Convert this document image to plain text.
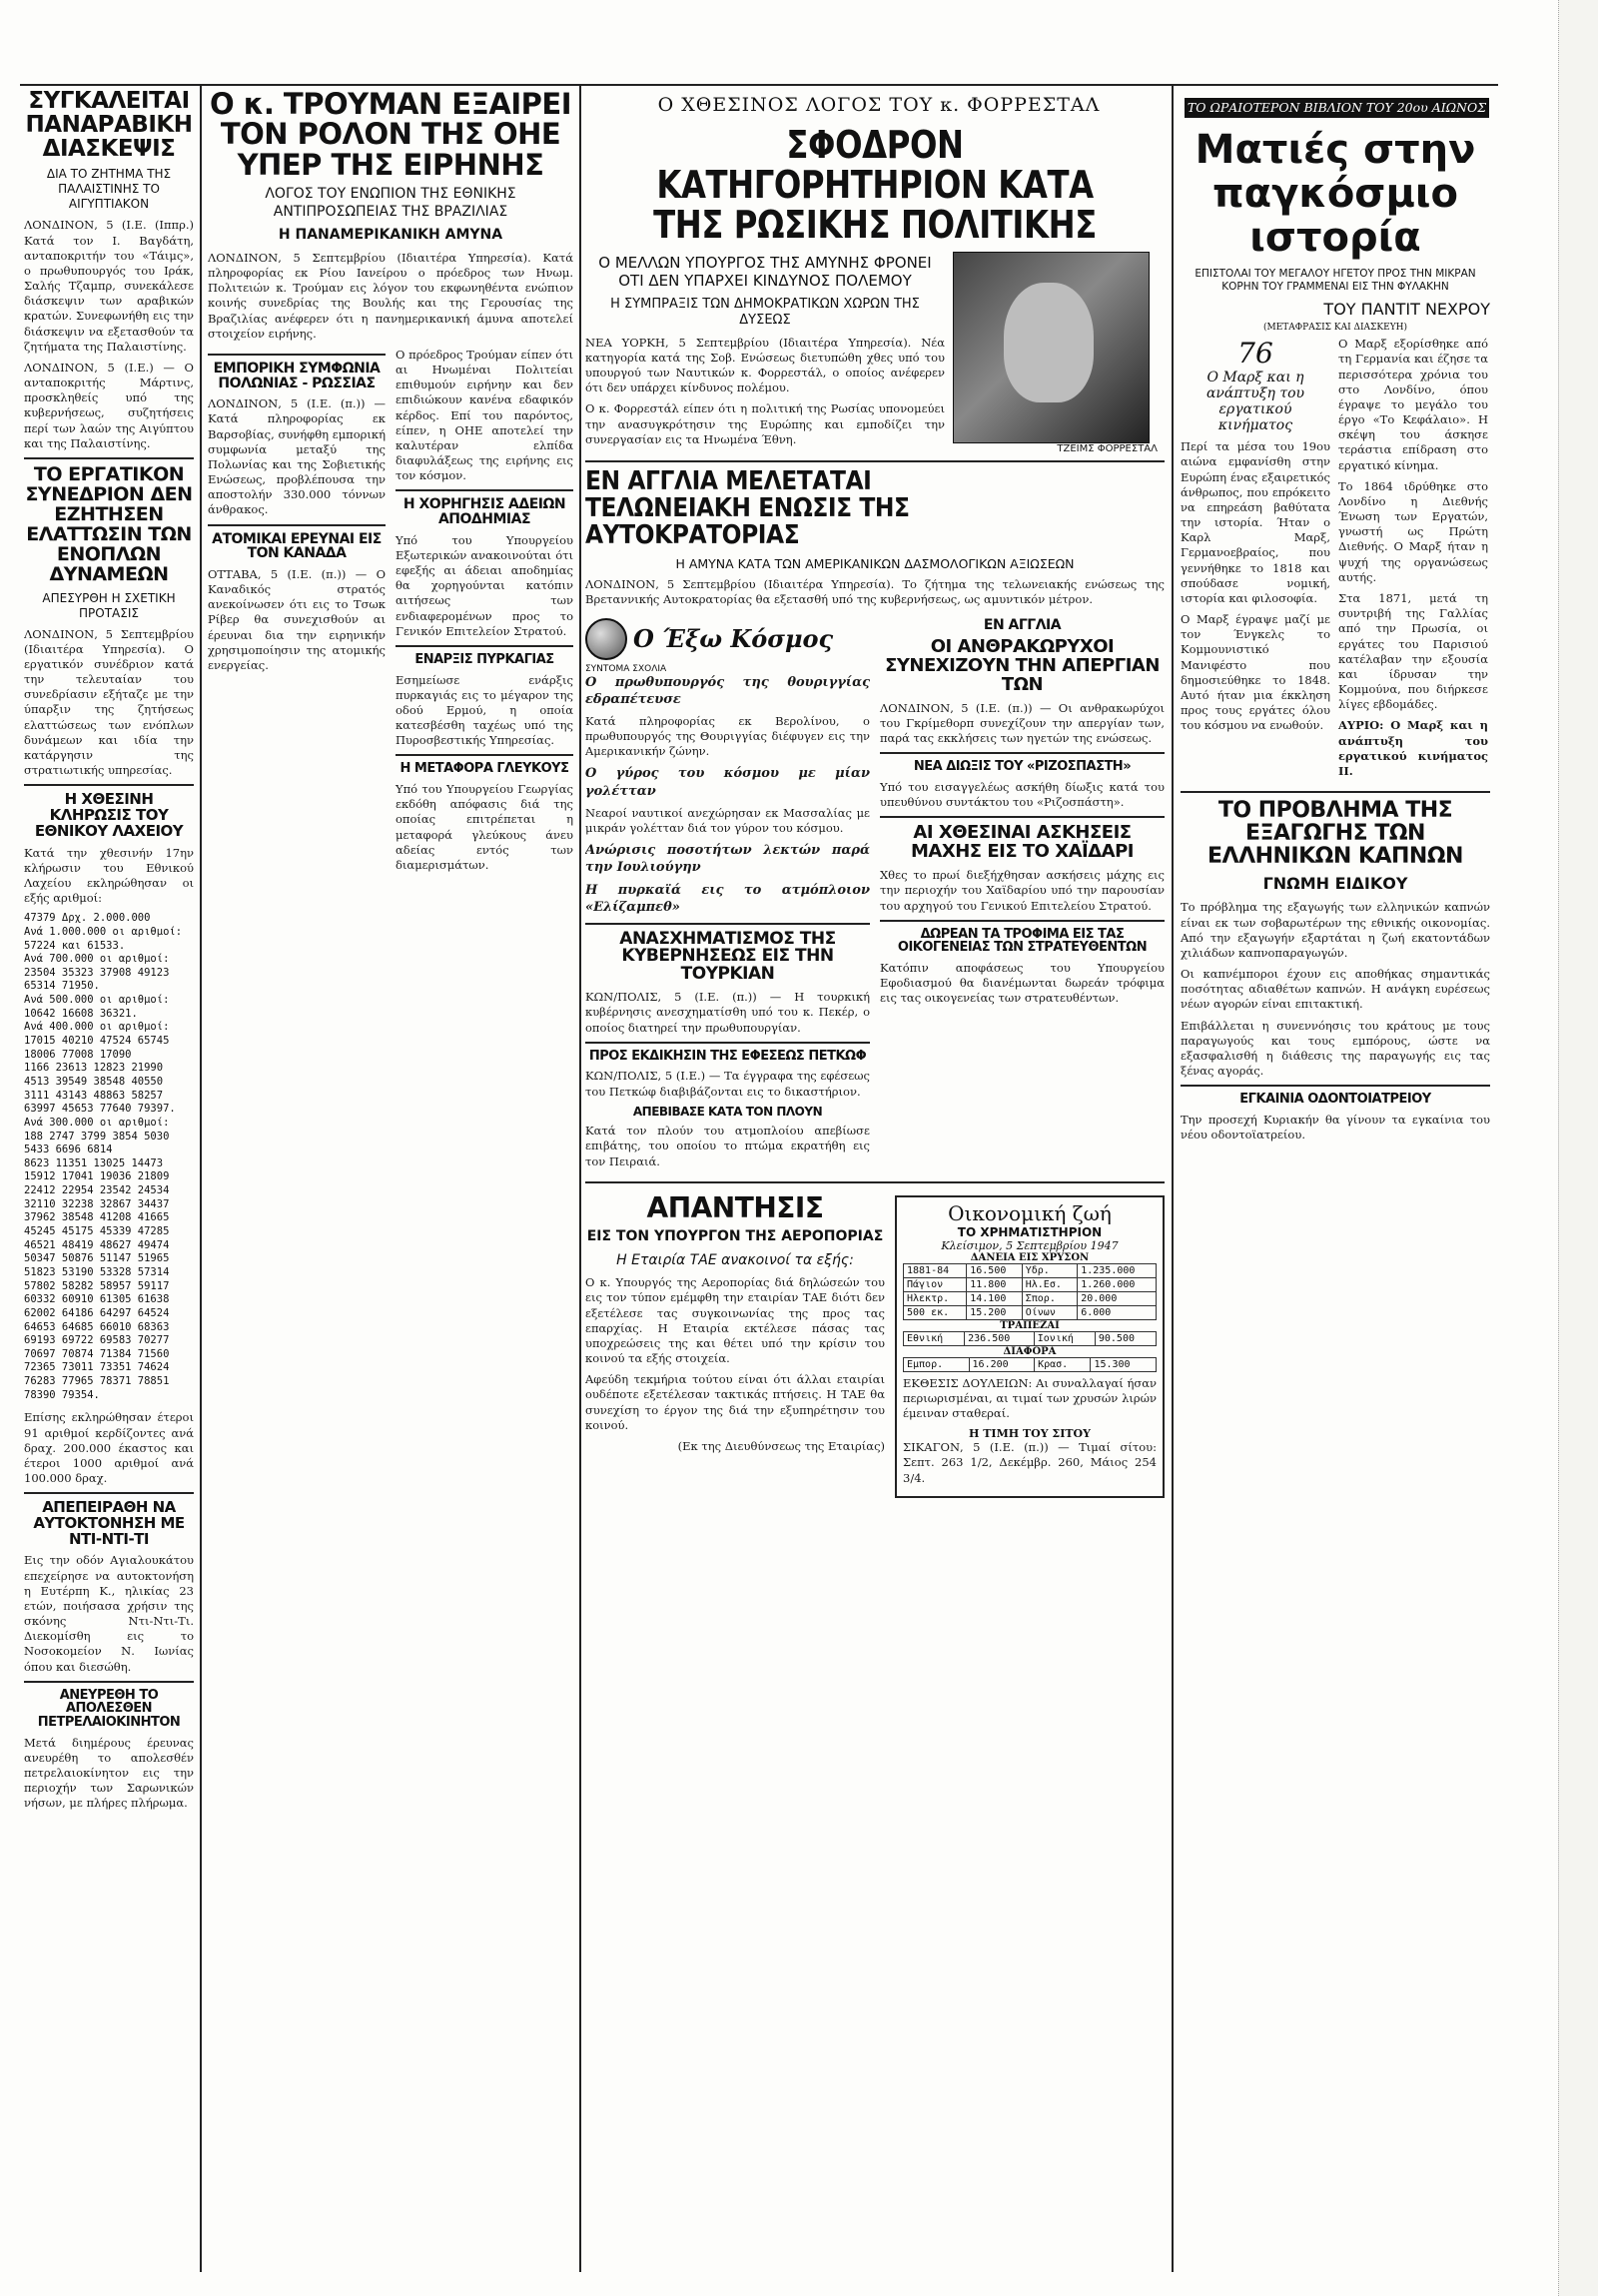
Ο ΧΘΕΣΙΝΟΣ ΛΟΓΟΣ ΤΟΥ κ. ΦΟΡΡΕΣΤΑΛ	ΤΟ ΩΡΑΙΟΤΕΡΟΝ ΒΙΒΛΙΟΝ ΤΟΥ 20ου ΑΙΩΝΟΣ
ΣΥΓΚΑΛΕΙΤΑΙ ΠΑΝΑΡΑΒΙΚΗ ΔΙΑΣΚΕΨΙΣ
ΔΙΑ ΤΟ ΖΗΤΗΜΑ ΤΗΣ ΠΑΛΑΙΣΤΙΝΗΣ ΤΟ ΑΙΓΥΠΤΙΑΚΟΝ

ΛΟΝΔΙΝΟΝ, 5 (Ι.Ε. (Ιππρ.) Κατά τον Ι. Βαγδάτη, ανταποκριτήν του «Τάιμς», ο πρωθυπουργός του Ιράκ, Σαλής Τζαμπρ, συνεκάλεσε διάσκεψιν των αραβικών κρατών. Συνεφωνήθη εις την διάσκεψιν να εξετασθούν τα ζητήματα της Παλαιστίνης.

ΛΟΝΔΙΝΟΝ, 5 (Ι.Ε.) — Ο ανταποκριτής Μάρτινς, προσκληθείς υπό της κυβερνήσεως, συζητήσεις περί των λαών της Αιγύπτου και της Παλαιστίνης.

ΤΟ ΕΡΓΑΤΙΚΟΝ ΣΥΝΕΔΡΙΟΝ ΔΕΝ ΕΖΗΤΗΣΕΝ ΕΛΑΤΤΩΣΙΝ ΤΩΝ ΕΝΟΠΛΩΝ ΔΥΝΑΜΕΩΝ
ΑΠΕΣΥΡΘΗ Η ΣΧΕΤΙΚΗ ΠΡΟΤΑΣΙΣ

ΛΟΝΔΙΝΟΝ, 5 Σεπτεμβρίου (Ιδιαιτέρα Υπηρεσία). Ο εργατικόν συνέδριον κατά την τελευταίαν του συνεδρίασιν εξήταζε με την ύπαρξιν της ζητήσεως ελαττώσεως των ενόπλων δυνάμεων και ιδία την κατάργησιν της στρατιωτικής υπηρεσίας.

Η ΧΘΕΣΙΝΗ ΚΛΗΡΩΣΙΣ ΤΟΥ ΕΘΝΙΚΟΥ ΛΑΧΕΙΟΥ

Κατά την χθεσινήν 17ην κλήρωσιν του Εθνικού Λαχείου εκληρώθησαν οι εξής αριθμοί:

47379 Δρχ. 2.000.000
Ανά 1.000.000 οι αριθμοί: 57224 και 61533.
Ανά 700.000 οι αριθμοί: 23504 35323 37908 49123 65314 71950.
Ανά 500.000 οι αριθμοί: 10642 16608 36321.
Ανά 400.000 οι αριθμοί: 17015 40210 47524 65745 18006 77008 17090
1166 23613 12823 21990 4513 39549 38548 40550 3111 43143 48863 58257 63997 45653 77640 79397.
Ανά 300.000 οι αριθμοί: 188 2747 3799 3854 5030 5433 6696 6814
8623 11351 13025 14473 15912 17041 19036 21809 22412 22954 23542 24534 32110 32238 32867 34437 37962 38548 41208 41665 45245 45175 45339 47285 46521 48419 48627 49474 50347 50876 51147 51965 51823 53190 53328 57314 57802 58282 58957 59117 60332 60910 61305 61638 62002 64186 64297 64524 64653 64685 66010 68363 69193 69722 69583 70277 70697 70874 71384 71560 72365 73011 73351 74624 76283 77965 78371 78851 78390 79354.

Επίσης εκληρώθησαν έτεροι 91 αριθμοί κερδίζοντες ανά δραχ. 200.000 έκαστος και έτεροι 1000 αριθμοί ανά 100.000 δραχ.

ΑΠΕΠΕΙΡΑΘΗ ΝΑ ΑΥΤΟΚΤΟΝΗΣΗ ΜΕ ΝΤΙ-ΝΤΙ-ΤΙ

Εις την οδόν Αγιαλουκάτου επεχείρησε να αυτοκτονήση η Ευτέρπη Κ., ηλικίας 23 ετών, ποιήσασα χρήσιν της σκόνης Ντι-Ντι-Τι. Διεκομίσθη εις το Νοσοκομείον Ν. Ιωνίας όπου και διεσώθη.

ΑΝΕΥΡΕΘΗ ΤΟ ΑΠΟΛΕΣΘΕΝ ΠΕΤΡΕΛΑΙΟΚΙΝΗΤΟΝ

Μετά διημέρους έρευνας ανευρέθη το απολεσθέν πετρελαιοκίνητον εις την περιοχήν των Σαρωνικών νήσων, με πλήρες πλήρωμα.

Ο κ. ΤΡΟΥΜΑΝ ΕΞΑΙΡΕΙ ΤΟΝ ΡΟΛΟΝ ΤΗΣ ΟΗΕ ΥΠΕΡ ΤΗΣ ΕΙΡΗΝΗΣ
ΛΟΓΟΣ ΤΟΥ ΕΝΩΠΙΟΝ ΤΗΣ ΕΘΝΙΚΗΣ ΑΝΤΙΠΡΟΣΩΠΕΙΑΣ ΤΗΣ ΒΡΑΖΙΛΙΑΣ
Η ΠΑΝΑΜΕΡΙΚΑΝΙΚΗ ΑΜΥΝΑ

ΛΟΝΔΙΝΟΝ, 5 Σεπτεμβρίου (Ιδιαιτέρα Υπηρεσία). Κατά πληροφορίας εκ Ρίου Ιανείρου ο πρόεδρος των Ηνωμ. Πολιτειών κ. Τρούμαν εις λόγον του εκφωνηθέντα ενώπιον κοινής συνεδρίας της Βουλής και της Γερουσίας της Βραζιλίας ανέφερεν ότι η πανημερικανική άμυνα αποτελεί στοιχείον ειρήνης.

ΕΜΠΟΡΙΚΗ ΣΥΜΦΩΝΙΑ ΠΟΛΩΝΙΑΣ - ΡΩΣΣΙΑΣ

ΛΟΝΔΙΝΟΝ, 5 (Ι.Ε. (π.)) — Κατά πληροφορίας εκ Βαρσοβίας, συνήφθη εμπορική συμφωνία μεταξύ της Πολωνίας και της Σοβιετικής Ενώσεως, προβλέπουσα την αποστολήν 330.000 τόννων άνθρακος.

ΑΤΟΜΙΚΑΙ ΕΡΕΥΝΑΙ ΕΙΣ ΤΟΝ ΚΑΝΑΔΑ

ΟΤΤΑΒΑ, 5 (Ι.Ε. (π.)) — Ο Καναδικός στρατός ανεκοίνωσεν ότι εις το Τσωκ Ρίβερ θα συνεχισθούν αι έρευναι δια την ειρηνικήν χρησιμοποίησιν της ατομικής ενεργείας.

Ο πρόεδρος Τρούμαν είπεν ότι αι Ηνωμέναι Πολιτείαι επιθυμούν ειρήνην και δεν επιδιώκουν κανένα εδαφικόν κέρδος. Επί του παρόντος, είπεν, η ΟΗΕ αποτελεί την καλυτέραν ελπίδα διαφυλάξεως της ειρήνης εις τον κόσμον.

Η ΧΟΡΗΓΗΣΙΣ ΑΔΕΙΩΝ ΑΠΟΔΗΜΙΑΣ

Υπό του Υπουργείου Εξωτερικών ανακοινούται ότι εφεξής αι άδειαι αποδημίας θα χορηγούνται κατόπιν αιτήσεως των ενδιαφερομένων προς το Γενικόν Επιτελείον Στρατού.

ΕΝΑΡΞΙΣ ΠΥΡΚΑΓΙΑΣ

Εσημείωσε ενάρξις πυρκαγιάς εις το μέγαρον της οδού Ερμού, η οποία κατεσβέσθη ταχέως υπό της Πυροσβεστικής Υπηρεσίας.

Η ΜΕΤΑΦΟΡΑ ΓΛΕΥΚΟΥΣ

Υπό του Υπουργείου Γεωργίας εκδόθη απόφασις διά της οποίας επιτρέπεται η μεταφορά γλεύκους άνευ αδείας εντός των διαμερισμάτων.

ΣΦΟΔΡΟΝ ΚΑΤΗΓΟΡΗΤΗΡΙΟΝ ΚΑΤΑ ΤΗΣ ΡΩΣΙΚΗΣ ΠΟΛΙΤΙΚΗΣ
Ο ΜΕΛΛΩΝ ΥΠΟΥΡΓΟΣ ΤΗΣ ΑΜΥΝΗΣ ΦΡΟΝΕΙ ΟΤΙ ΔΕΝ ΥΠΑΡΧΕΙ ΚΙΝΔΥΝΟΣ ΠΟΛΕΜΟΥ
Η ΣΥΜΠΡΑΞΙΣ ΤΩΝ ΔΗΜΟΚΡΑΤΙΚΩΝ ΧΩΡΩΝ ΤΗΣ ΔΥΣΕΩΣ

ΝΕΑ ΥΟΡΚΗ, 5 Σεπτεμβρίου (Ιδιαιτέρα Υπηρεσία). Νέα κατηγορία κατά της Σοβ. Ενώσεως διετυπώθη χθες υπό του υπουργού των Ναυτικών κ. Φορρεστάλ, ο οποίος ανέφερεν ότι δεν υπάρχει κίνδυνος πολέμου.

Ο κ. Φορρεστάλ είπεν ότι η πολιτική της Ρωσίας υπονομεύει την ανασυγκρότησιν της Ευρώπης και εμποδίζει την συνεργασίαν εις τα Ηνωμένα Έθνη.

ΤΖΕΪΜΣ ΦΟΡΡΕΣΤΑΛ
ΕΝ ΑΓΓΛΙΑ ΜΕΛΕΤΑΤΑΙ ΤΕΛΩΝΕΙΑΚΗ ΕΝΩΣΙΣ ΤΗΣ ΑΥΤΟΚΡΑΤΟΡΙΑΣ
Η ΑΜΥΝΑ ΚΑΤΑ ΤΩΝ ΑΜΕΡΙΚΑΝΙΚΩΝ ΔΑΣΜΟΛΟΓΙΚΩΝ ΑΞΙΩΣΕΩΝ

ΛΟΝΔΙΝΟΝ, 5 Σεπτεμβρίου (Ιδιαιτέρα Υπηρεσία). Το ζήτημα της τελωνειακής ενώσεως της Βρεταννικής Αυτοκρατορίας θα εξετασθή υπό της κυβερνήσεως, ως αμυντικόν μέτρον.

Ο Έξω Κόσμος
ΣΥΝΤΟΜΑ ΣΧΟΛΙΑ

Ο πρωθυπουργός της θουριγγίας εδραπέτευσε

Κατά πληροφορίας εκ Βερολίνου, ο πρωθυπουργός της Θουριγγίας διέφυγεν εις την Αμερικανικήν ζώνην.

Ο γύρος του κόσμου με μίαν γολέτταν

Νεαροί ναυτικοί ανεχώρησαν εκ Μασσαλίας με μικράν γολέτταν διά τον γύρον του κόσμου.

Ανώρισις ποσοτήτων λεκτών παρά την Ιουλιούγην

Η πυρκαϊά εις το ατμόπλοιον «Ελίζαμπεθ»

ΑΝΑΣΧΗΜΑΤΙΣΜΟΣ ΤΗΣ ΚΥΒΕΡΝΗΣΕΩΣ ΕΙΣ ΤΗΝ ΤΟΥΡΚΙΑΝ

ΚΩΝ/ΠΟΛΙΣ, 5 (Ι.Ε. (π.)) — Η τουρκική κυβέρνησις ανεσχηματίσθη υπό του κ. Πεκέρ, ο οποίος διατηρεί την πρωθυπουργίαν.

ΠΡΟΣ ΕΚΔΙΚΗΣΙΝ ΤΗΣ ΕΦΕΣΕΩΣ ΠΕΤΚΩΦ

ΚΩΝ/ΠΟΛΙΣ, 5 (Ι.Ε.) — Τα έγγραφα της εφέσεως του Πετκώφ διαβιβάζονται εις το δικαστήριον.

ΑΠΕΒΙΒΑΣΕ ΚΑΤΑ ΤΟΝ ΠΛΟΥΝ

Κατά τον πλούν του ατμοπλοίου απεβίωσε επιβάτης, του οποίου το πτώμα εκρατήθη εις τον Πειραιά.

ΕΝ ΑΓΓΛΙΑ
ΟΙ ΑΝΘΡΑΚΩΡΥΧΟΙ ΣΥΝΕΧΙΖΟΥΝ ΤΗΝ ΑΠΕΡΓΙΑΝ ΤΩΝ

ΛΟΝΔΙΝΟΝ, 5 (Ι.Ε. (π.)) — Οι ανθρακωρύχοι του Γκρίμεθορπ συνεχίζουν την απεργίαν των, παρά τας εκκλήσεις των ηγετών της ενώσεως.

ΝΕΑ ΔΙΩΞΙΣ ΤΟΥ «ΡΙΖΟΣΠΑΣΤΗ»

Υπό του εισαγγελέως ασκήθη δίωξις κατά του υπευθύνου συντάκτου του «Ριζοσπάστη».

ΑΙ ΧΘΕΣΙΝΑΙ ΑΣΚΗΣΕΙΣ ΜΑΧΗΣ ΕΙΣ ΤΟ ΧΑΪΔΑΡΙ

Χθες το πρωί διεξήχθησαν ασκήσεις μάχης εις την περιοχήν του Χαϊδαρίου υπό την παρουσίαν του αρχηγού του Γενικού Επιτελείου Στρατού.

ΔΩΡΕΑΝ ΤΑ ΤΡΟΦΙΜΑ ΕΙΣ ΤΑΣ ΟΙΚΟΓΕΝΕΙΑΣ ΤΩΝ ΣΤΡΑΤΕΥΘΕΝΤΩΝ

Κατόπιν αποφάσεως του Υπουργείου Εφοδιασμού θα διανέμωνται δωρεάν τρόφιμα εις τας οικογενείας των στρατευθέντων.

ΑΠΑΝΤΗΣΙΣ
ΕΙΣ ΤΟΝ ΥΠΟΥΡΓΟΝ ΤΗΣ ΑΕΡΟΠΟΡΙΑΣ
Η Εταιρία ΤΑΕ ανακοινοί τα εξής:

Ο κ. Υπουργός της Αεροπορίας διά δηλώσεών του εις τον τύπον εμέμφθη την εταιρίαν ΤΑΕ διότι δεν εξετέλεσε τας συγκοινωνίας της προς τας επαρχίας. Η Εταιρία εκτέλεσε πάσας τας υποχρεώσεις της και θέτει υπό την κρίσιν του κοινού τα εξής στοιχεία.

Αφεύδη τεκμήρια τούτου είναι ότι άλλαι εταιρίαι ουδέποτε εξετέλεσαν τακτικάς πτήσεις. Η ΤΑΕ θα συνεχίση το έργον της διά την εξυπηρέτησιν του κοινού.

(Εκ της Διευθύνσεως της Εταιρίας)

Οικονομική ζωή
ΤΟ ΧΡΗΜΑΤΙΣΤΗΡΙΟΝ
Κλείσιμον, 5 Σεπτεμβρίου 1947
ΔΑΝΕΙΑ ΕΙΣ ΧΡΥΣΟΝ
1881-84	16.500	Υδρ.	1.235.000
Πάγιον	11.800	Ηλ.Εσ.	1.260.000
Ηλεκτρ.	14.100	Σπορ.	20.000
500 εκ.	15.200	Οίνων	6.000
ΤΡΑΠΕΖΑΙ
Εθνική	236.500	Ιονική	90.500
ΔΙΑΦΟΡΑ
Εμπορ.	16.200	Κρασ.	15.300

ΕΚΘΕΣΙΣ ΔΟΥΛΕΙΩΝ: Αι συναλλαγαί ήσαν περιωρισμέναι, αι τιμαί των χρυσών λιρών έμειναν σταθεραί.

Η ΤΙΜΗ ΤΟΥ ΣΙΤΟΥ

ΣΙΚΑΓΟΝ, 5 (Ι.Ε. (π.)) — Τιμαί σίτου: Σεπτ. 263 1/2, Δεκέμβρ. 260, Μάιος 254 3/4.

Ματιές στην παγκόσμιο ιστορία
ΕΠΙΣΤΟΛΑΙ ΤΟΥ ΜΕΓΑΛΟΥ ΗΓΕΤΟΥ ΠΡΟΣ ΤΗΝ ΜΙΚΡΑΝ ΚΟΡΗΝ ΤΟΥ ΓΡΑΜΜΕΝΑΙ ΕΙΣ ΤΗΝ ΦΥΛΑΚΗΝ
ΤΟΥ ΠΑΝΤΙΤ ΝΕΧΡΟΥ
(ΜΕΤΑΦΡΑΣΙΣ ΚΑΙ ΔΙΑΣΚΕΥΗ)
76
Ο Μαρξ και η ανάπτυξη του εργατικού κινήματος

Περί τα μέσα του 19ου αιώνα εμφανίσθη στην Ευρώπη ένας εξαιρετικός άνθρωπος, που επρόκειτο να επηρεάση βαθύτατα την ιστορία. Ήταν ο Καρλ Μαρξ, Γερμανοεβραίος, που γεννήθηκε το 1818 και σπούδασε νομική, ιστορία και φιλοσοφία.

Ο Μαρξ έγραψε μαζί με τον Ένγκελς το Κομμουνιστικό Μανιφέστο που δημοσιεύθηκε το 1848. Αυτό ήταν μια έκκληση προς τους εργάτες όλου του κόσμου να ενωθούν.

Ο Μαρξ εξορίσθηκε από τη Γερμανία και έζησε τα περισσότερα χρόνια του στο Λονδίνο, όπου έγραψε το μεγάλο του έργο «Το Κεφάλαιο». Η σκέψη του άσκησε τεράστια επίδραση στο εργατικό κίνημα.

Το 1864 ιδρύθηκε στο Λονδίνο η Διεθνής Ένωση των Εργατών, γνωστή ως Πρώτη Διεθνής. Ο Μαρξ ήταν η ψυχή της οργανώσεως αυτής.

Στα 1871, μετά τη συντριβή της Γαλλίας από την Πρωσία, οι εργάτες του Παρισιού κατέλαβαν την εξουσία και ίδρυσαν την Κομμούνα, που διήρκεσε λίγες εβδομάδες.

ΑΥΡΙΟ: Ο Μαρξ και η ανάπτυξη του εργατικού κινήματος ΙΙ.

ΤΟ ΠΡΟΒΛΗΜΑ ΤΗΣ ΕΞΑΓΩΓΗΣ ΤΩΝ ΕΛΛΗΝΙΚΩΝ ΚΑΠΝΩΝ
ΓΝΩΜΗ ΕΙΔΙΚΟΥ

Το πρόβλημα της εξαγωγής των ελληνικών καπνών είναι εκ των σοβαρωτέρων της εθνικής οικονομίας. Από την εξαγωγήν εξαρτάται η ζωή εκατοντάδων χιλιάδων καπνοπαραγωγών.

Οι καπνέμποροι έχουν εις αποθήκας σημαντικάς ποσότητας αδιαθέτων καπνών. Η ανάγκη ευρέσεως νέων αγορών είναι επιτακτική.

Επιβάλλεται η συνεννόησις του κράτους με τους παραγωγούς και τους εμπόρους, ώστε να εξασφαλισθή η διάθεσις της παραγωγής εις τας ξένας αγοράς.

ΕΓΚΑΙΝΙΑ ΟΔΟΝΤΟΙΑΤΡΕΙΟΥ

Την προσεχή Κυριακήν θα γίνουν τα εγκαίνια του νέου οδοντοϊατρείου.
